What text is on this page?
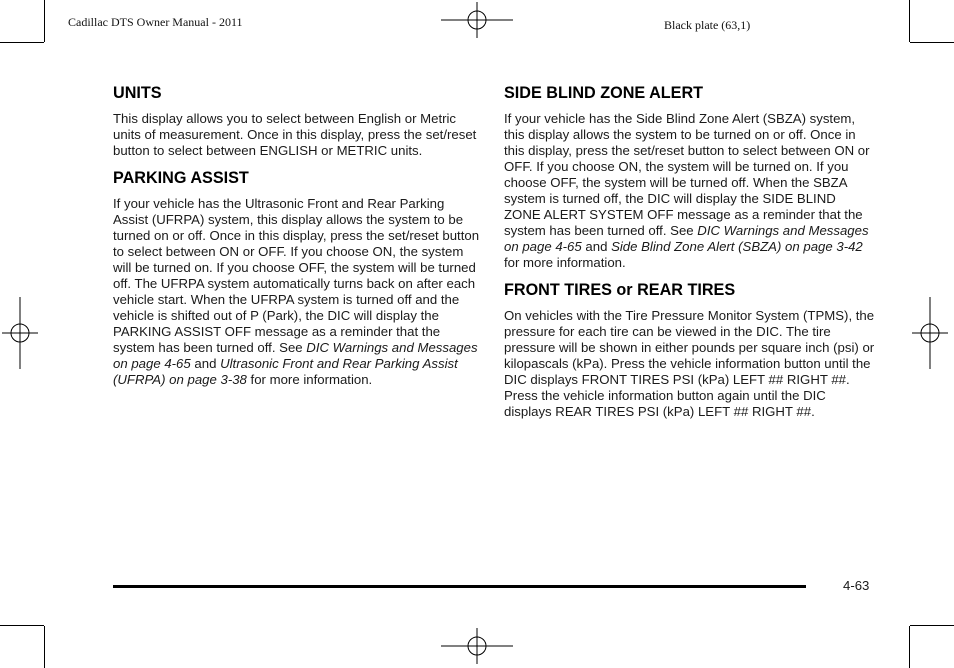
Cadillac DTS Owner Manual - 2011	Black plate (63,1)
UNITS

This display allows you to select between English or Metric units of measurement. Once in this display, press the set/reset button to select between ENGLISH or METRIC units.

PARKING ASSIST

If your vehicle has the Ultrasonic Front and Rear Parking Assist (UFRPA) system, this display allows the system to be turned on or off. Once in this display, press the set/reset button to select between ON or OFF. If you choose ON, the system will be turned on. If you choose OFF, the system will be turned off. The UFRPA system automatically turns back on after each vehicle start. When the UFRPA system is turned off and the vehicle is shifted out of P (Park), the DIC will display the PARKING ASSIST OFF message as a reminder that the system has been turned off. See DIC Warnings and Messages on page 4-65 and Ultrasonic Front and Rear Parking Assist (UFRPA) on page 3-38 for more information.

SIDE BLIND ZONE ALERT

If your vehicle has the Side Blind Zone Alert (SBZA) system, this display allows the system to be turned on or off. Once in this display, press the set/reset button to select between ON or OFF. If you choose ON, the system will be turned on. If you choose OFF, the system will be turned off. When the SBZA system is turned off, the DIC will display the SIDE BLIND ZONE ALERT SYSTEM OFF message as a reminder that the system has been turned off. See DIC Warnings and Messages on page 4-65 and Side Blind Zone Alert (SBZA) on page 3-42 for more information.

FRONT TIRES or REAR TIRES

On vehicles with the Tire Pressure Monitor System (TPMS), the pressure for each tire can be viewed in the DIC. The tire pressure will be shown in either pounds per square inch (psi) or kilopascals (kPa). Press the vehicle information button until the DIC displays FRONT TIRES PSI (kPa) LEFT ## RIGHT ##. Press the vehicle information button again until the DIC displays REAR TIRES PSI (kPa) LEFT ## RIGHT ##.

4-63
